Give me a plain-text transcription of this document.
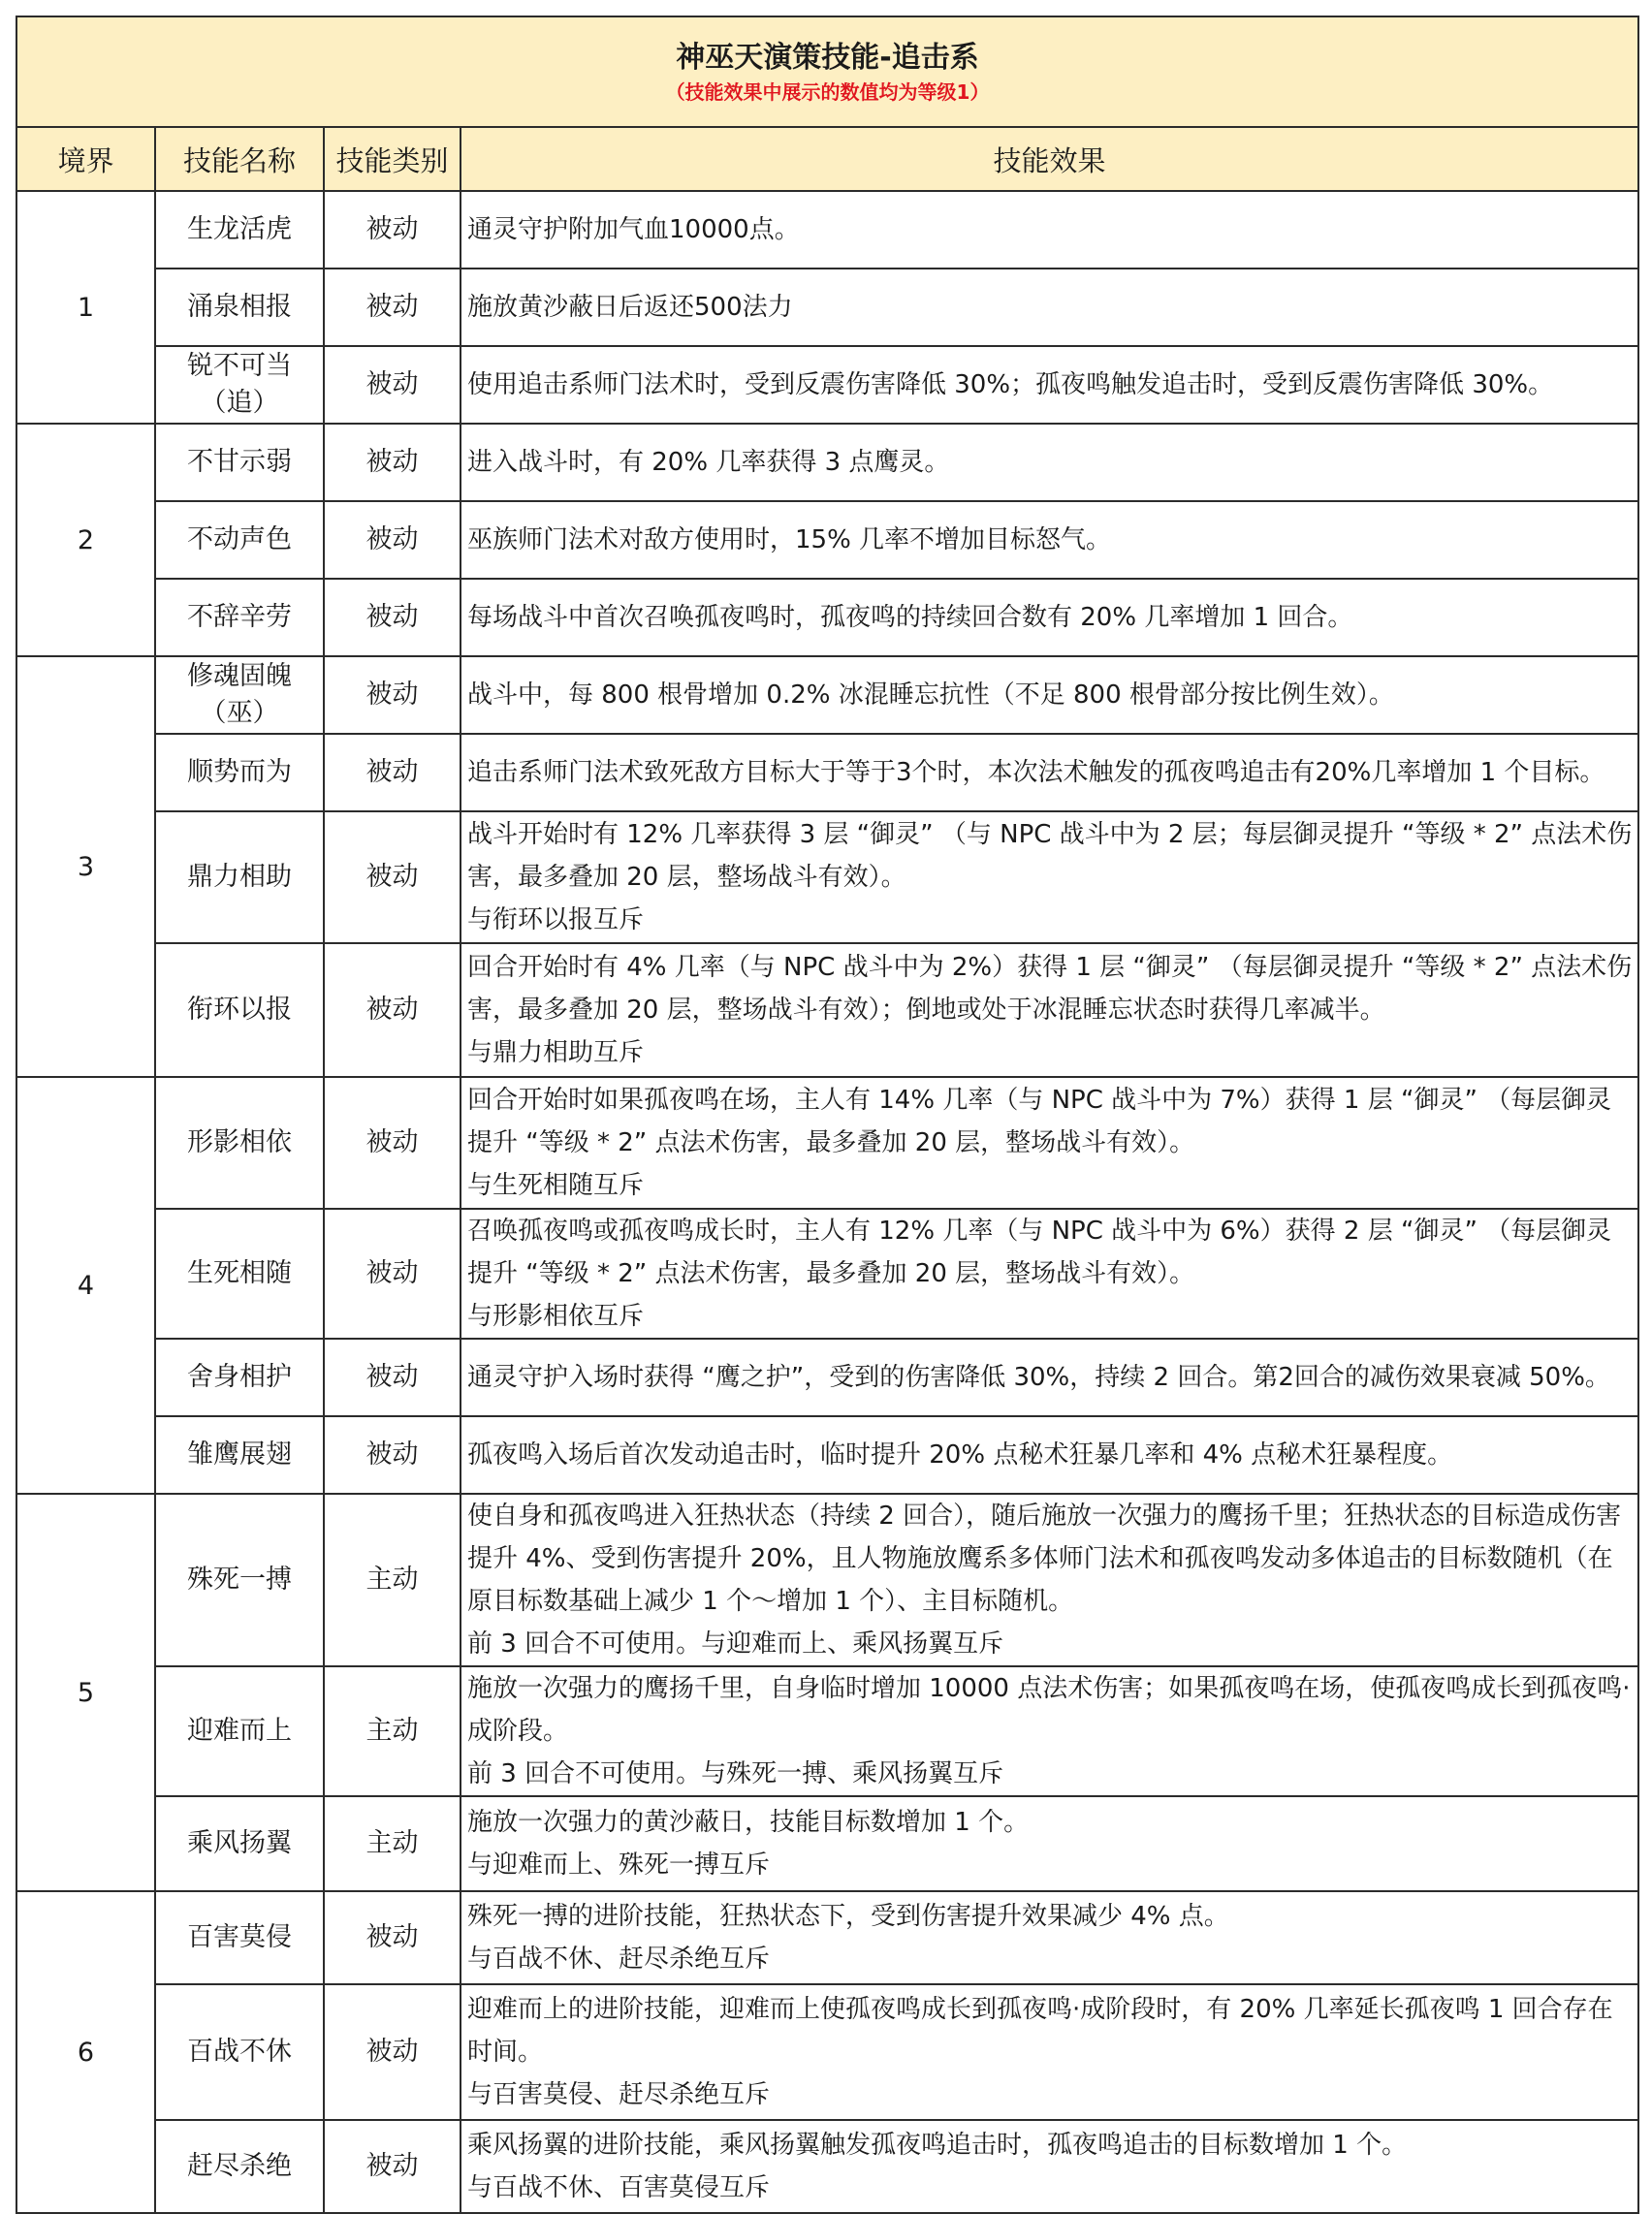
神巫天演策技能-追击系
（技能效果中展示的数值均为等级1）			

境界	技能名称	技能类别	技能效果
1	生龙活虎	被动	通灵守护附加气血10000点。

	涌泉相报	被动	施放黄沙蔽日后返还500法力

	锐不可当（追）	被动	使用追击系师门法术时，受到反震伤害降低 30%；孤夜鸣触发追击时，受到反震伤害降低 30%。

2	不甘示弱	被动	进入战斗时，有 20% 几率获得 3 点鹰灵。

	不动声色	被动	巫族师门法术对敌方使用时，15% 几率不增加目标怒气。

	不辞辛劳	被动	每场战斗中首次召唤孤夜鸣时，孤夜鸣的持续回合数有 20% 几率增加 1 回合。

3	修魂固魄（巫）	被动	战斗中，每 800 根骨增加 0.2% 冰混睡忘抗性（不足 800 根骨部分按比例生效）。

	顺势而为	被动	追击系师门法术致死敌方目标大于等于3个时，本次法术触发的孤夜鸣追击有20%几率增加 1 个目标。

	鼎力相助	被动	战斗开始时有 12% 几率获得 3 层 “御灵” （与 NPC 战斗中为 2 层；每层御灵提升 “等级 * 2” 点法术伤害，最多叠加 20 层，整场战斗有效）。
与衔环以报互斥

	衔环以报	被动	回合开始时有 4% 几率（与 NPC 战斗中为 2%）获得 1 层 “御灵” （每层御灵提升 “等级 * 2” 点法术伤害，最多叠加 20 层，整场战斗有效）；倒地或处于冰混睡忘状态时获得几率减半。
与鼎力相助互斥

4	形影相依	被动	回合开始时如果孤夜鸣在场，主人有 14% 几率（与 NPC 战斗中为 7%）获得 1 层 “御灵” （每层御灵提升 “等级 * 2” 点法术伤害，最多叠加 20 层，整场战斗有效）。
与生死相随互斥

	生死相随	被动	召唤孤夜鸣或孤夜鸣成长时，主人有 12% 几率（与 NPC 战斗中为 6%）获得 2 层 “御灵” （每层御灵提升 “等级 * 2” 点法术伤害，最多叠加 20 层，整场战斗有效）。
与形影相依互斥

	舍身相护	被动	通灵守护入场时获得 “鹰之护”，受到的伤害降低 30%，持续 2 回合。第2回合的减伤效果衰减 50%。

	雏鹰展翅	被动	孤夜鸣入场后首次发动追击时，临时提升 20% 点秘术狂暴几率和 4% 点秘术狂暴程度。

5	殊死一搏	主动	使自身和孤夜鸣进入狂热状态（持续 2 回合），随后施放一次强力的鹰扬千里；狂热状态的目标造成伤害提升 4%、受到伤害提升 20%，且人物施放鹰系多体师门法术和孤夜鸣发动多体追击的目标数随机（在原目标数基础上减少 1 个～增加 1 个）、主目标随机。
前 3 回合不可使用。与迎难而上、乘风扬翼互斥

	迎难而上	主动	施放一次强力的鹰扬千里，自身临时增加 10000 点法术伤害；如果孤夜鸣在场，使孤夜鸣成长到孤夜鸣·成阶段。
前 3 回合不可使用。与殊死一搏、乘风扬翼互斥

	乘风扬翼	主动	施放一次强力的黄沙蔽日，技能目标数增加 1 个。
与迎难而上、殊死一搏互斥

6	百害莫侵	被动	殊死一搏的进阶技能，狂热状态下，受到伤害提升效果减少 4% 点。
与百战不休、赶尽杀绝互斥

	百战不休	被动	迎难而上的进阶技能，迎难而上使孤夜鸣成长到孤夜鸣·成阶段时，有 20% 几率延长孤夜鸣 1 回合存在时间。
与百害莫侵、赶尽杀绝互斥

	赶尽杀绝	被动	乘风扬翼的进阶技能，乘风扬翼触发孤夜鸣追击时，孤夜鸣追击的目标数增加 1 个。
与百战不休、百害莫侵互斥
